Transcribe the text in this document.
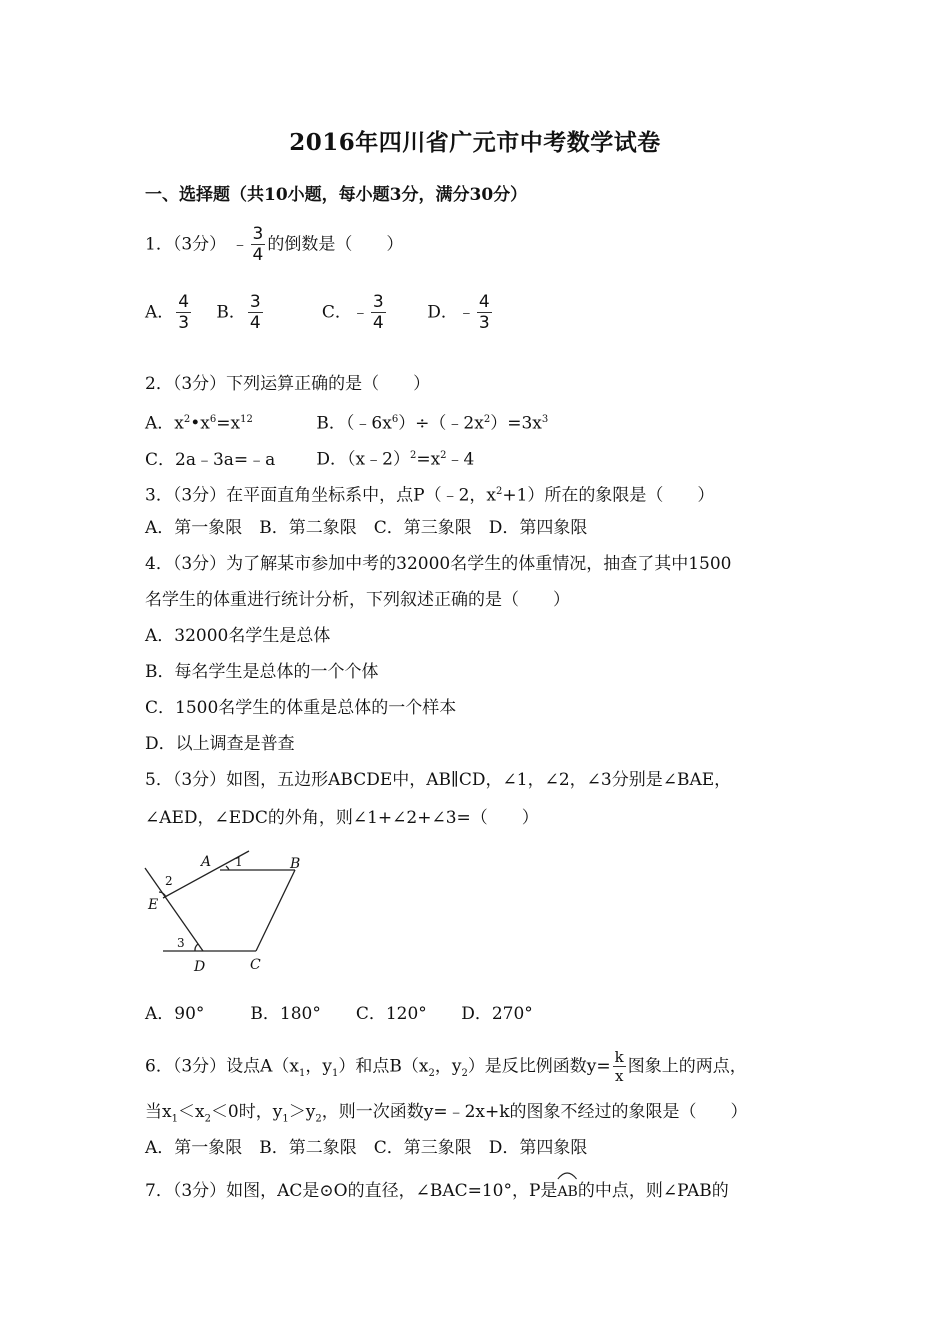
2016年四川省广元市中考数学试卷
一、选择题（共10小题，每小题3分，满分30分）
1．（3分） ﹣ $\frac{3}{4}$ 的倒数是（　　）
A． $\frac{4}{3}$ B． $\frac{3}{4}$	C．﹣ $\frac{3}{4}$ D．﹣ $\frac{4}{3}$
2．（3分）下列运算正确的是（　　）
A．$x^2•x^6=x^{12}$	B．$(﹣6x^6)\div(﹣2x^2)=3x^3$
C．2a﹣3a=﹣a D．$(x﹣2)^2=x^2﹣4$
3．（3分）在平面直角坐标系中，点P（﹣2，$x^2+1$）所在的象限是（　　）
A．第一象限　B．第二象限　C．第三象限　D．第四象限
4．（3分）为了解某市参加中考的32000名学生的体重情况，抽查了其中1500
名学生的体重进行统计分析，下列叙述正确的是（　　）
A．32000名学生是总体
B．每名学生是总体的一个个体
C．1500名学生的体重是总体的一个样本
D．以上调查是普查
5．（3分）如图，五边形ABCDE中，AB∥CD，∠1，∠2，∠3分别是∠BAE，
∠AED，∠EDC的外角，则∠1+∠2+∠3=（　　）
A	B
C
D
E
1
2
3
A．90°	B．180° C．120° D．270°
6．（3分）设点$A(x_1$，$y_1$）和点$B(x_2$，$y_2$）是反比例函数$y= \frac{k}{x}$ 图象上的两点，
当$x_1<x_2<0$时，$y_1>y_2$，则一次函数y=﹣2x+k的图象不经过的象限是（　　）
A．第一象限　B．第二象限　C．第三象限　D．第四象限
7．（3分）如图，AC是⊙O的直径，∠BAC=10°，P是
AB的中点，则∠PAB的
